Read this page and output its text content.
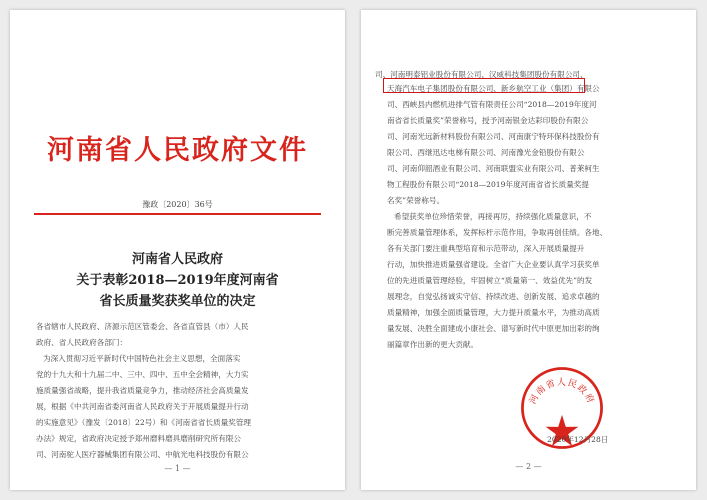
河南省人民政府文件
豫政〔2020〕36号
河南省人民政府
关于表彰2018—2019年度河南省
省长质量奖获奖单位的决定
各省辖市人民政府、济源示范区管委会、各省直管县（市）人民
政府、省人民政府各部门：
为深入贯彻习近平新时代中国特色社会主义思想，全面落实
党的十九大和十九届二中、三中、四中、五中全会精神，大力实
施质量强省战略，提升我省质量竞争力，推动经济社会高质量发
展，根据《中共河南省委河南省人民政府关于开展质量提升行动
的实施意见》（豫发〔2018〕22号）和《河南省省长质量奖管理
办法》规定，省政府决定授予郑州磨料磨具磨削研究所有限公
司、河南驼人医疗器械集团有限公司、中航光电科技股份有限公
— 1 —
司、河南明泰铝业股份有限公司、汉威科技集团股份有限公司、
天海汽车电子集团股份有限公司、新乡航空工业（集团）有限公
司、西峡县内燃机进排气管有限责任公司“2018—2019年度河
南省省长质量奖”荣誉称号，授予河南银金达彩印股份有限公
司、河南光远新材料股份有限公司、河南康宁特环保科技股份有
限公司、西继迅达电梯有限公司、河南豫光金铅股份有限公
司、河南仰韶酒业有限公司、河南联盟实业有限公司、普莱柯生
物工程股份有限公司“2018—2019年度河南省省长质量奖提
名奖”荣誉称号。
希望获奖单位珍惜荣誉，再接再厉，持续强化质量意识，不
断完善质量管理体系，发挥标杆示范作用，争取再创佳绩。各地、
各有关部门要注重典型培育和示范带动，深入开展质量提升
行动，加快推进质量强省建设。全省广大企业要认真学习获奖单
位的先进质量管理经验，牢固树立“质量第一、效益优先”的发
展理念，自觉弘扬诚实守信、持续改进、创新发展、追求卓越的
质量精神，加强全面质量管理，大力提升质量水平，为推动高质
量发展、决胜全面建成小康社会、谱写新时代中原更加出彩的绚
丽篇章作出新的更大贡献。
河南省人民政府
2020年12月28日
— 2 —
